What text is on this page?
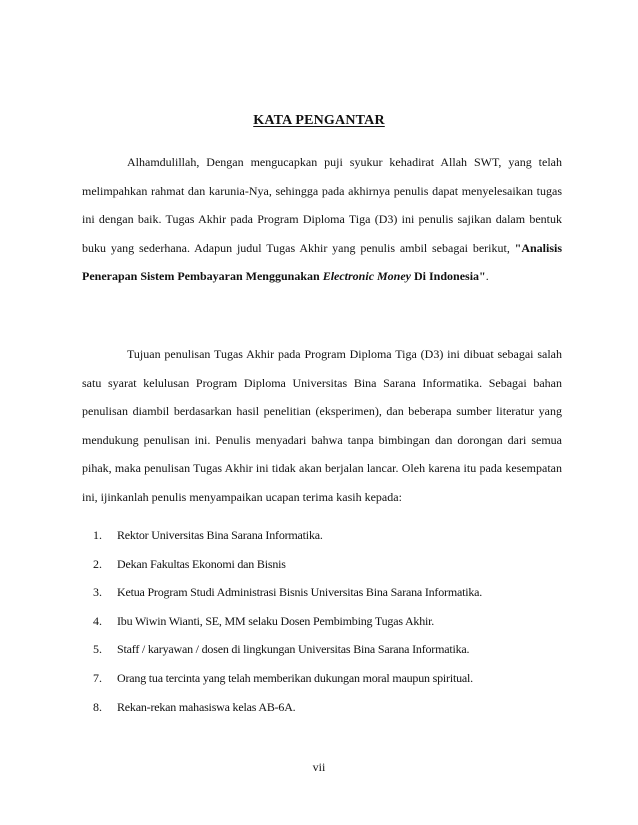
KATA PENGANTAR

Alhamdulillah, Dengan mengucapkan puji syukur kehadirat Allah SWT, yang telah melimpahkan rahmat dan karunia-Nya, sehingga pada akhirnya penulis dapat menyelesaikan tugas ini dengan baik. Tugas Akhir pada Program Diploma Tiga (D3) ini penulis sajikan dalam bentuk buku yang sederhana. Adapun judul Tugas Akhir yang penulis ambil sebagai berikut, "Analisis Penerapan Sistem Pembayaran Menggunakan Electronic Money Di Indonesia".

Tujuan penulisan Tugas Akhir pada Program Diploma Tiga (D3) ini dibuat sebagai salah satu syarat kelulusan Program Diploma Universitas Bina Sarana Informatika. Sebagai bahan penulisan diambil berdasarkan hasil penelitian (eksperimen), dan beberapa sumber literatur yang mendukung penulisan ini. Penulis menyadari bahwa tanpa bimbingan dan dorongan dari semua pihak, maka penulisan Tugas Akhir ini tidak akan berjalan lancar. Oleh karena itu pada kesempatan ini, ijinkanlah penulis menyampaikan ucapan terima kasih kepada:

1. Rektor Universitas Bina Sarana Informatika.
2. Dekan Fakultas Ekonomi dan Bisnis
3. Ketua Program Studi Administrasi Bisnis Universitas Bina Sarana Informatika.
4. Ibu Wiwin Wianti, SE, MM selaku Dosen Pembimbing Tugas Akhir.
5. Staff / karyawan / dosen di lingkungan Universitas Bina Sarana Informatika.
7. Orang tua tercinta yang telah memberikan dukungan moral maupun spiritual.
8. Rekan-rekan mahasiswa kelas AB-6A.
vii
